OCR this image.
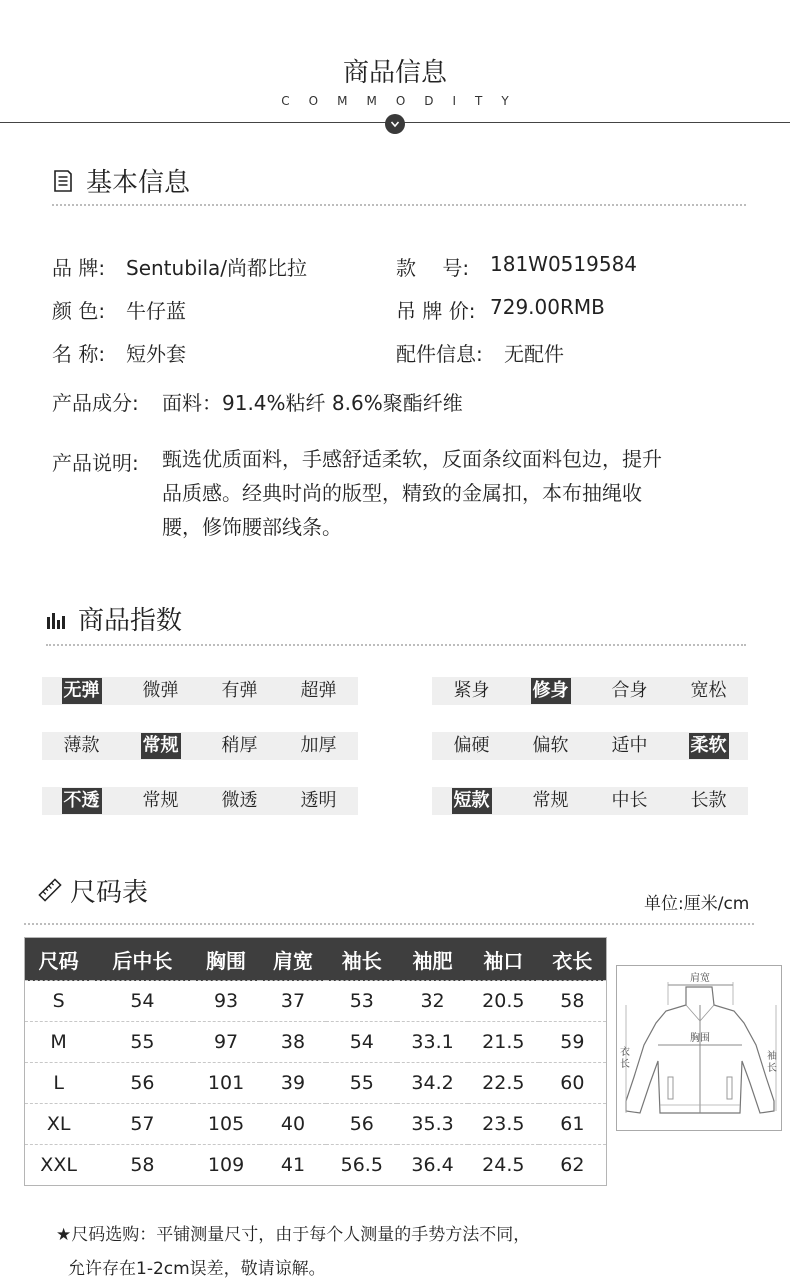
商品信息
COMMODITY
基本信息
品 牌: Sentubila/尚都比拉
颜 色: 牛仔蓝
名 称: 短外套
款　 号: 181W0519584
吊 牌 价: 729.00RMB
配件信息: 无配件
产品成分: 面料：91.4%粘纤 8.6%聚酯纤维
产品说明: 甄选优质面料，手感舒适柔软，反面条纹面料包边，提升
品质感。经典时尚的版型，精致的金属扣，本布抽绳收
腰，修饰腰部线条。
商品指数
无弹 微弹 有弹 超弹	紧身 修身 合身 宽松
薄款 常规 稍厚 加厚	偏硬 偏软 适中 柔软
不透 常规 微透 透明	短款 常规 中长 长款
尺码表	单位:厘米/cm
尺码	后中长	胸围	肩宽	袖长	袖肥	袖口	衣长
S	54	93	37	53	32	20.5	58
M	55	97	38	54	33.1	21.5	59
L	56	101	39	55	34.2	22.5	60
XL	57	105	40	56	35.3	23.5	61
XXL	58	109	41	56.5	36.4	24.5	62
肩宽
胸围
衣
长
袖
长
★尺码选购：平铺测量尺寸，由于每个人测量的手势方法不同，
允许存在1-2cm误差，敬请谅解。
